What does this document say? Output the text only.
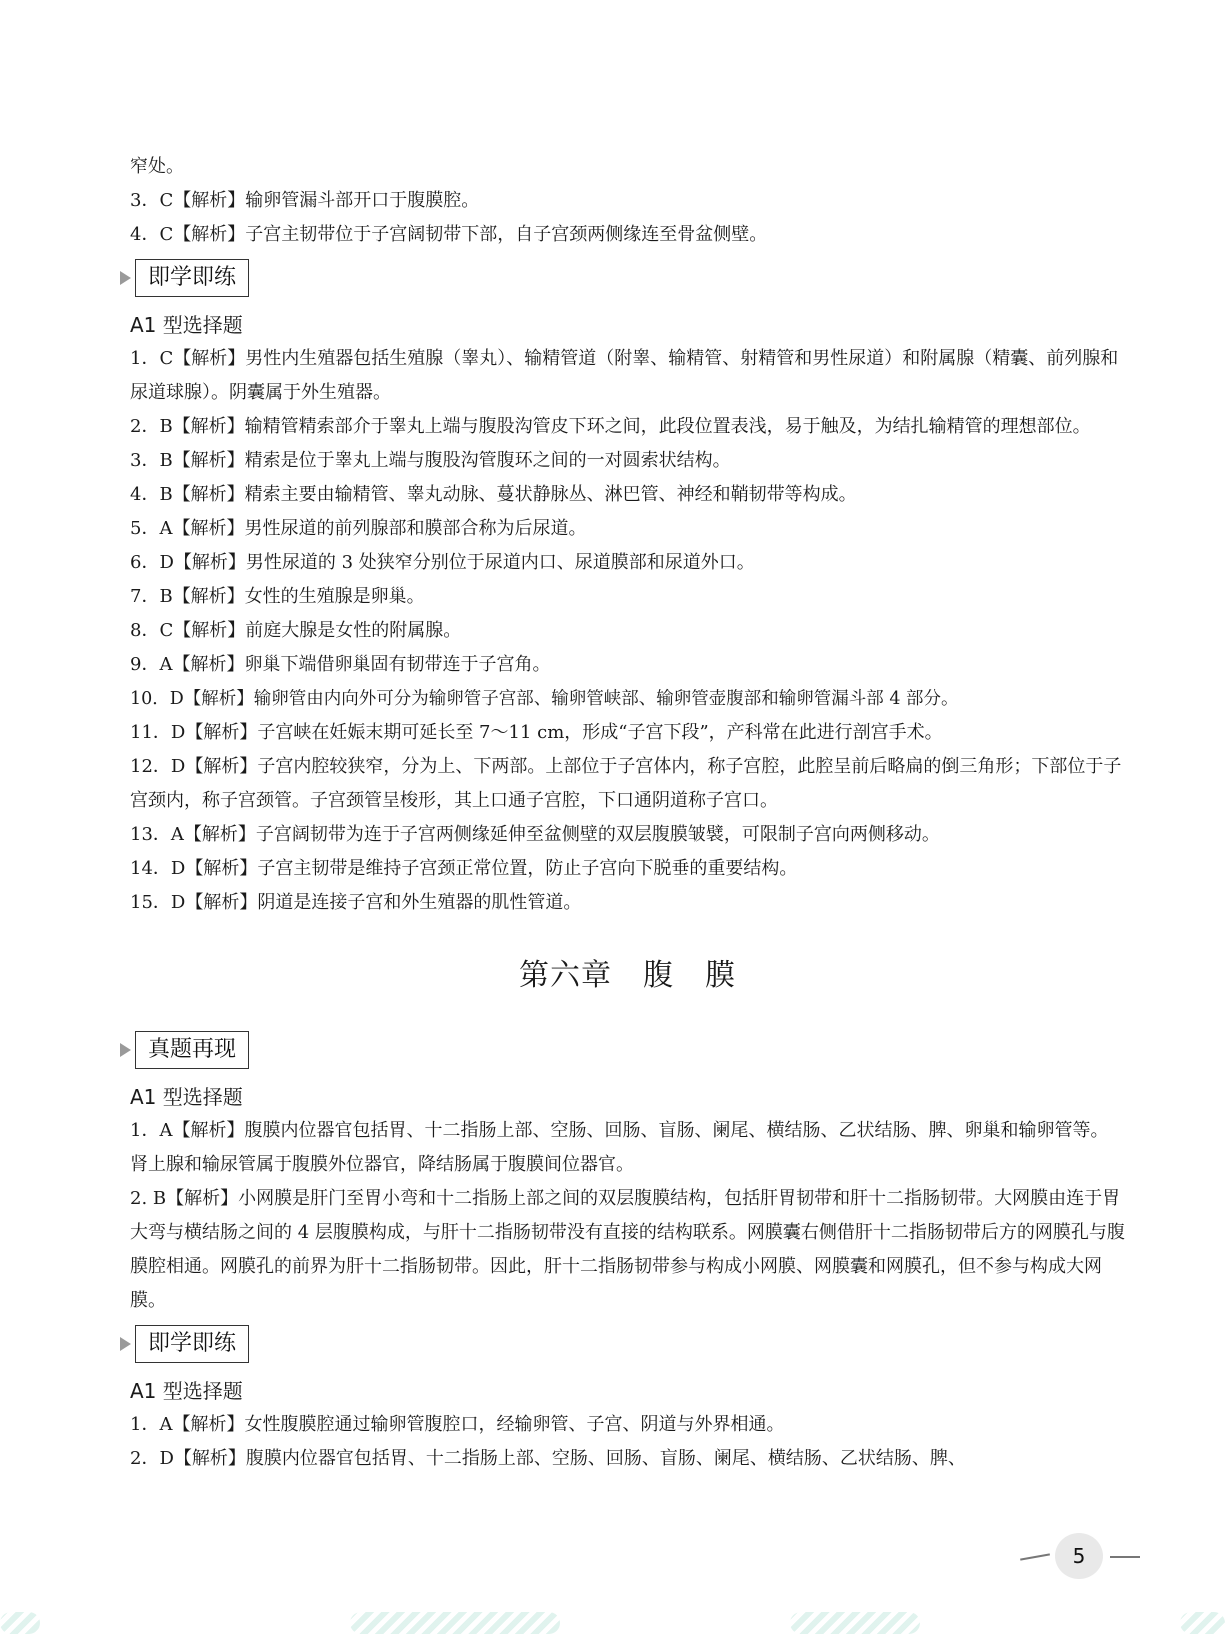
窄处。

3．C【解析】输卵管漏斗部开口于腹膜腔。

4．C【解析】子宫主韧带位于子宫阔韧带下部，自子宫颈两侧缘连至骨盆侧壁。

即学即练

A1 型选择题

1．C【解析】男性内生殖器包括生殖腺（睾丸）、输精管道（附睾、输精管、射精管和男性尿道）和附属腺（精囊、前列腺和尿道球腺）。阴囊属于外生殖器。

2．B【解析】输精管精索部介于睾丸上端与腹股沟管皮下环之间，此段位置表浅，易于触及，为结扎输精管的理想部位。

3．B【解析】精索是位于睾丸上端与腹股沟管腹环之间的一对圆索状结构。

4．B【解析】精索主要由输精管、睾丸动脉、蔓状静脉丛、淋巴管、神经和鞘韧带等构成。

5．A【解析】男性尿道的前列腺部和膜部合称为后尿道。

6．D【解析】男性尿道的 3 处狭窄分别位于尿道内口、尿道膜部和尿道外口。

7．B【解析】女性的生殖腺是卵巢。

8．C【解析】前庭大腺是女性的附属腺。

9．A【解析】卵巢下端借卵巢固有韧带连于子宫角。

10．D【解析】输卵管由内向外可分为输卵管子宫部、输卵管峡部、输卵管壶腹部和输卵管漏斗部 4 部分。

11．D【解析】子宫峡在妊娠末期可延长至 7～11 cm，形成“子宫下段”，产科常在此进行剖宫手术。

12．D【解析】子宫内腔较狭窄，分为上、下两部。上部位于子宫体内，称子宫腔，此腔呈前后略扁的倒三角形；下部位于子宫颈内，称子宫颈管。子宫颈管呈梭形，其上口通子宫腔，下口通阴道称子宫口。

13．A【解析】子宫阔韧带为连于子宫两侧缘延伸至盆侧壁的双层腹膜皱襞，可限制子宫向两侧移动。

14．D【解析】子宫主韧带是维持子宫颈正常位置，防止子宫向下脱垂的重要结构。

15．D【解析】阴道是连接子宫和外生殖器的肌性管道。

第六章　腹　膜
真题再现

A1 型选择题

1．A【解析】腹膜内位器官包括胃、十二指肠上部、空肠、回肠、盲肠、阑尾、横结肠、乙状结肠、脾、卵巢和输卵管等。肾上腺和输尿管属于腹膜外位器官，降结肠属于腹膜间位器官。

2. B【解析】小网膜是肝门至胃小弯和十二指肠上部之间的双层腹膜结构，包括肝胃韧带和肝十二指肠韧带。大网膜由连于胃大弯与横结肠之间的 4 层腹膜构成，与肝十二指肠韧带没有直接的结构联系。网膜囊右侧借肝十二指肠韧带后方的网膜孔与腹膜腔相通。网膜孔的前界为肝十二指肠韧带。因此，肝十二指肠韧带参与构成小网膜、网膜囊和网膜孔，但不参与构成大网膜。

即学即练

A1 型选择题

1．A【解析】女性腹膜腔通过输卵管腹腔口，经输卵管、子宫、阴道与外界相通。

2．D【解析】腹膜内位器官包括胃、十二指肠上部、空肠、回肠、盲肠、阑尾、横结肠、乙状结肠、脾、

5
